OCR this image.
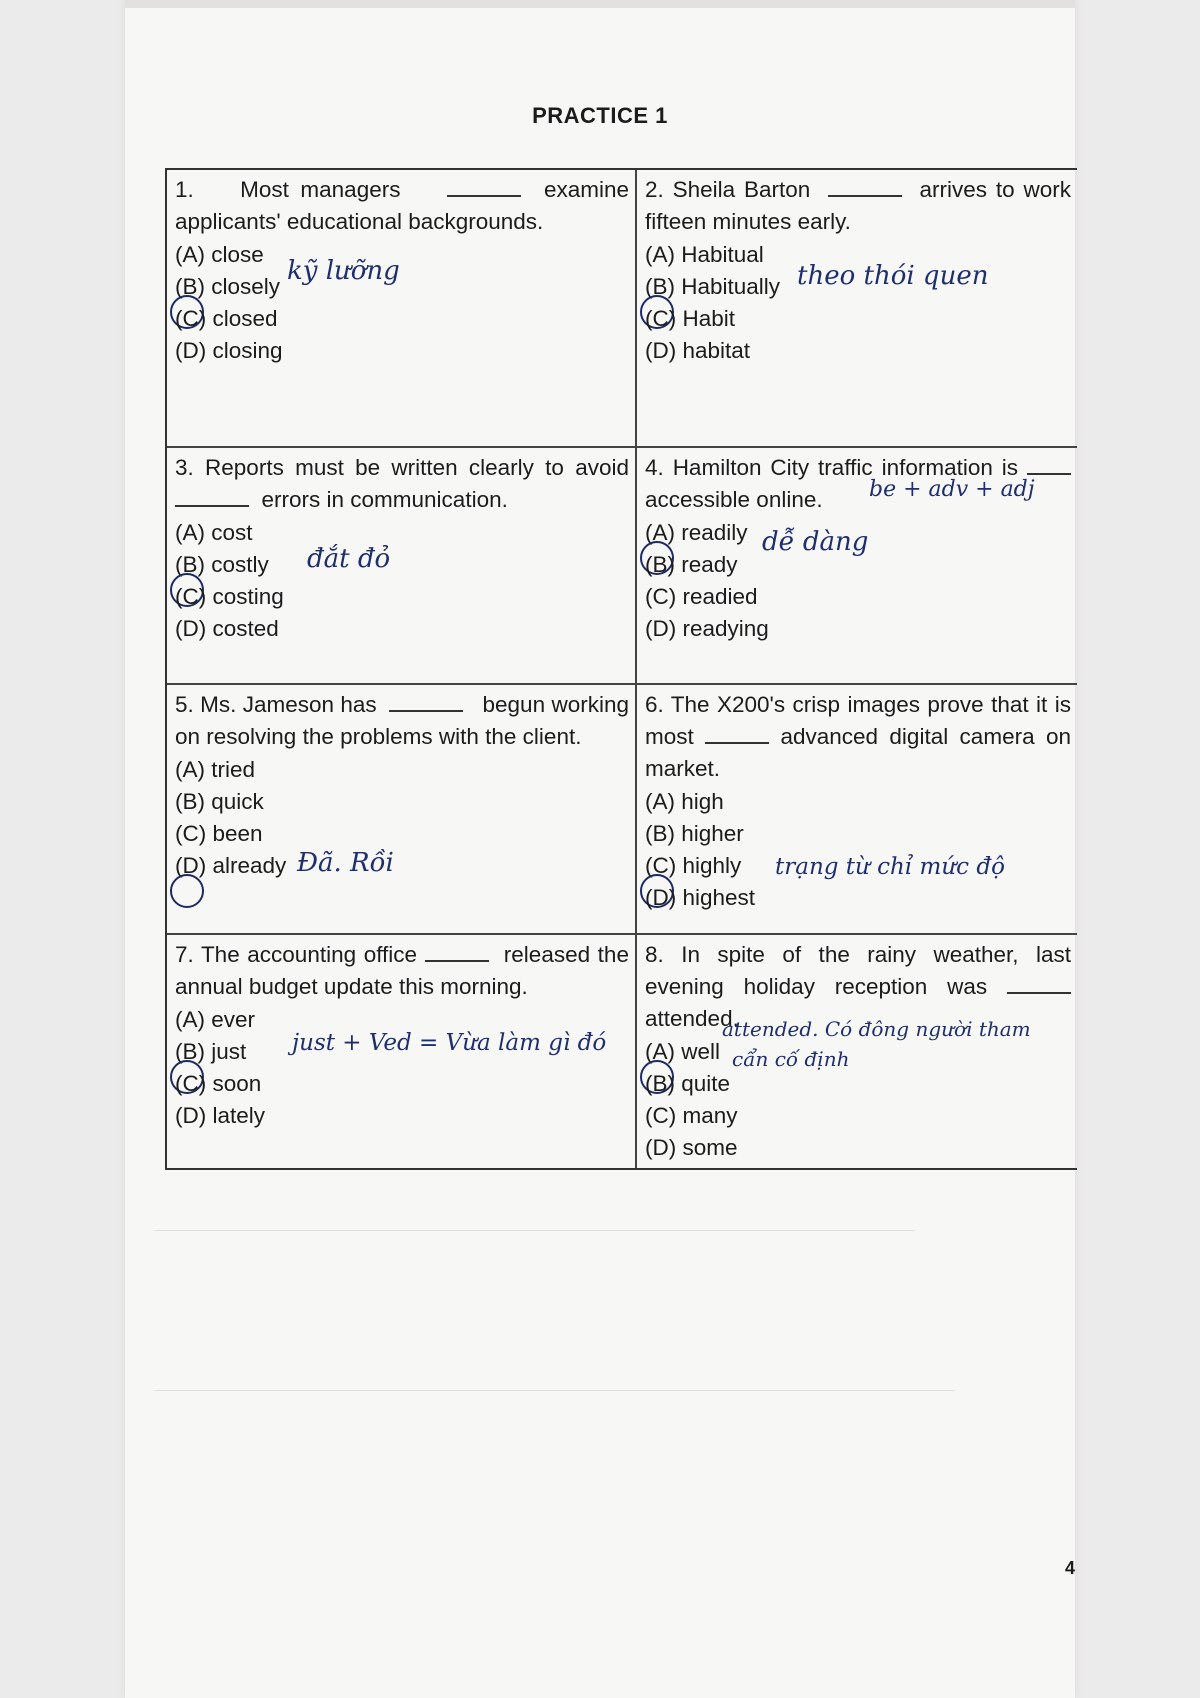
PRACTICE 1
1. Most managers	examine applicants' educational backgrounds.
(A) close
(B) closely
(C) closed
(D) closing
kỹ lưỡng
2. Sheila Barton	arrives to work fifteen minutes early.
(A) Habitual
(B) Habitually
(C) Habit
(D) habitat
theo thói quen
3. Reports must be written clearly to avoid   errors in communication.
(A) cost
(B) costly
(C) costing
(D) costed
đắt đỏ
4. Hamilton City traffic information is  accessible online.
(A) readily
(B) ready
(C) readied
(D) readying
dễ dàng
be + adv + adj
5. Ms. Jameson has	begun working on resolving the problems with the client.
(A) tried
(B) quick
(C) been
(D) already Đã. Rồi
6. The X200's crisp images prove that it is most	advanced digital camera on market.
(A) high
(B) higher
(C) highly
(D) highest
trạng từ chỉ mức độ
7. The accounting office	released the annual budget update this morning.
(A) ever
(B) just
(C) soon
(D) lately
just + Ved = Vừa làm gì đó
8. In spite of the rainy weather, last evening holiday reception was  attended.
(A) well
(B) quite
(C) many
(D) some
attended. Có đông người tham
cẩn cố định
4
